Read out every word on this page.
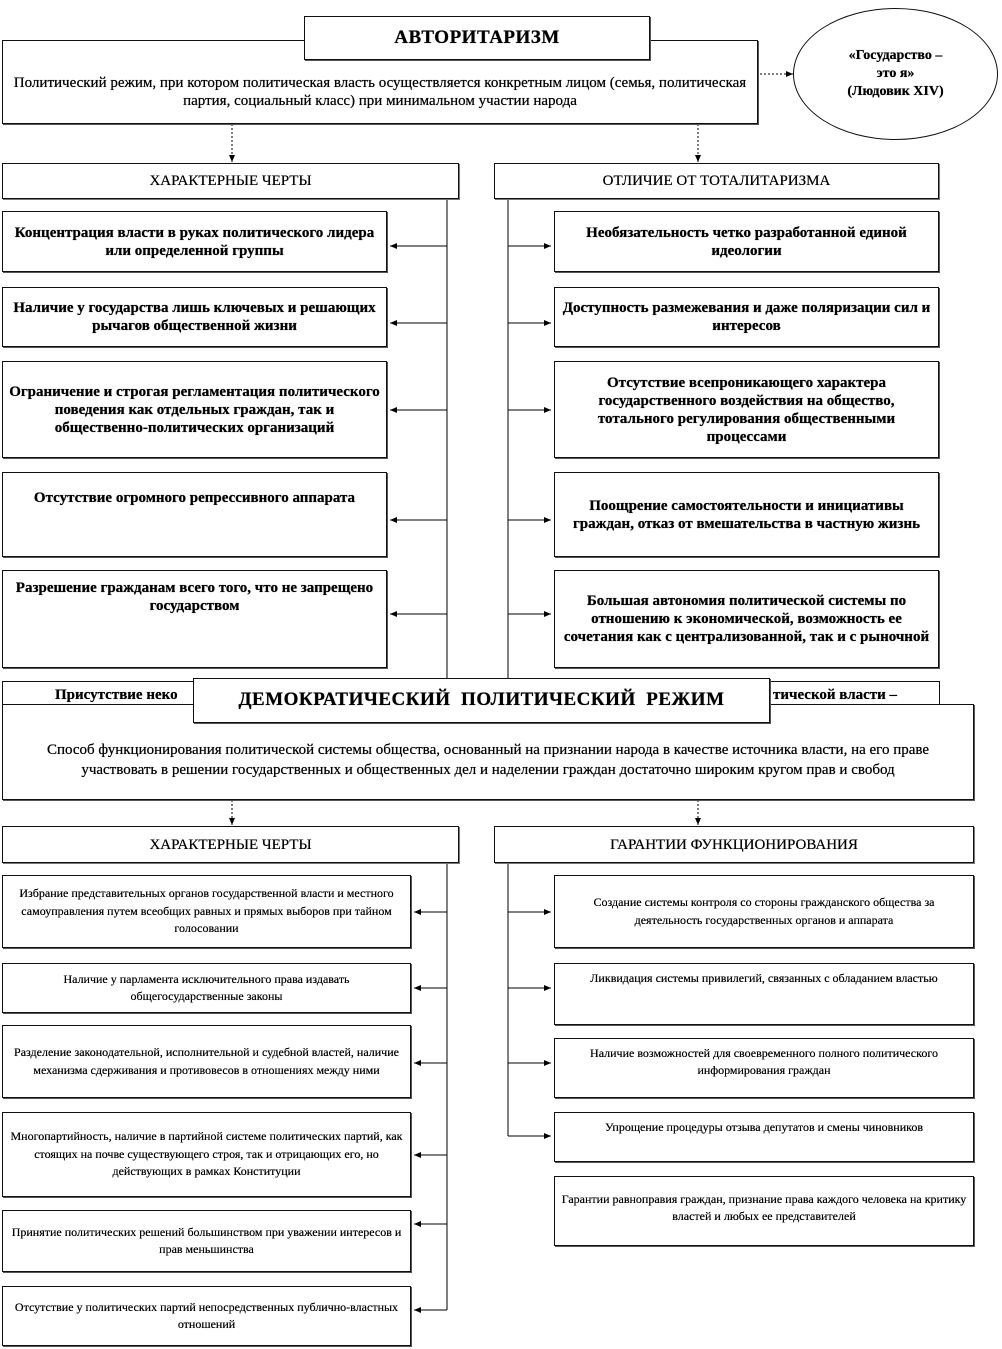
Политический режим, при котором политическая власть осуществляется конкретным лицом (семья, политическая партия, социальный класс) при минимальном участии народа
АВТОРИТАРИЗМ
«Государство –
это я»
(Людовик XIV)
ХАРАКТЕРНЫЕ ЧЕРТЫ	ОТЛИЧИЕ ОТ ТОТАЛИТАРИЗМА
Концентрация власти в руках политического лидера или определенной группы
Наличие у государства лишь ключевых и решающих рычагов общественной жизни
Ограничение и строгая регламентация политического поведения как отдельных граждан, так и общественно-политических организаций
Отсутствие огромного репрессивного аппарата
Разрешение гражданам всего того, что не запрещено государством
Необязательность четко разработанной единой идеологии
Доступность размежевания и даже поляризации сил и интересов
Отсутствие всепроникающего характера государственного воздействия на общество, тотального регулирования общественными процессами
Поощрение самостоятельности и инициативы граждан, отказ от вмешательства в частную жизнь
Большая автономия политической системы по отношению к экономической, возможность ее сочетания как с централизованной, так и с рыночной
Присутствие неко	тической власти –
Способ функционирования политической системы общества, основанный на признании народа в качестве источника власти, на его праве участвовать в решении государственных и общественных дел и наделении граждан достаточно широким кругом прав и свобод
ДЕМОКРАТИЧЕСКИЙ  ПОЛИТИЧЕСКИЙ  РЕЖИМ
ХАРАКТЕРНЫЕ ЧЕРТЫ	ГАРАНТИИ ФУНКЦИОНИРОВАНИЯ
Избрание представительных органов государственной власти и местного самоуправления путем всеобщих равных и прямых выборов при тайном голосовании
Наличие у парламента исключительного права издавать общегосударственные законы
Разделение законодательной, исполнительной и судебной властей, наличие механизма сдерживания и противовесов в отношениях между ними
Многопартийность, наличие в партийной системе политических партий, как стоящих на почве существующего строя, так и отрицающих его, но действующих в рамках Конституции
Принятие политических решений большинством при уважении интересов и прав меньшинства
Отсутствие у политических партий непосредственных публично-властных отношений
Создание системы контроля со стороны гражданского общества за деятельность государственных органов и аппарата
Ликвидация системы привилегий, связанных с обладанием властью
Наличие возможностей для своевременного полного политического информирования граждан
Упрощение процедуры отзыва депутатов и смены чиновников
Гарантии равноправия граждан, признание права каждого человека на критику властей и любых ее представителей
